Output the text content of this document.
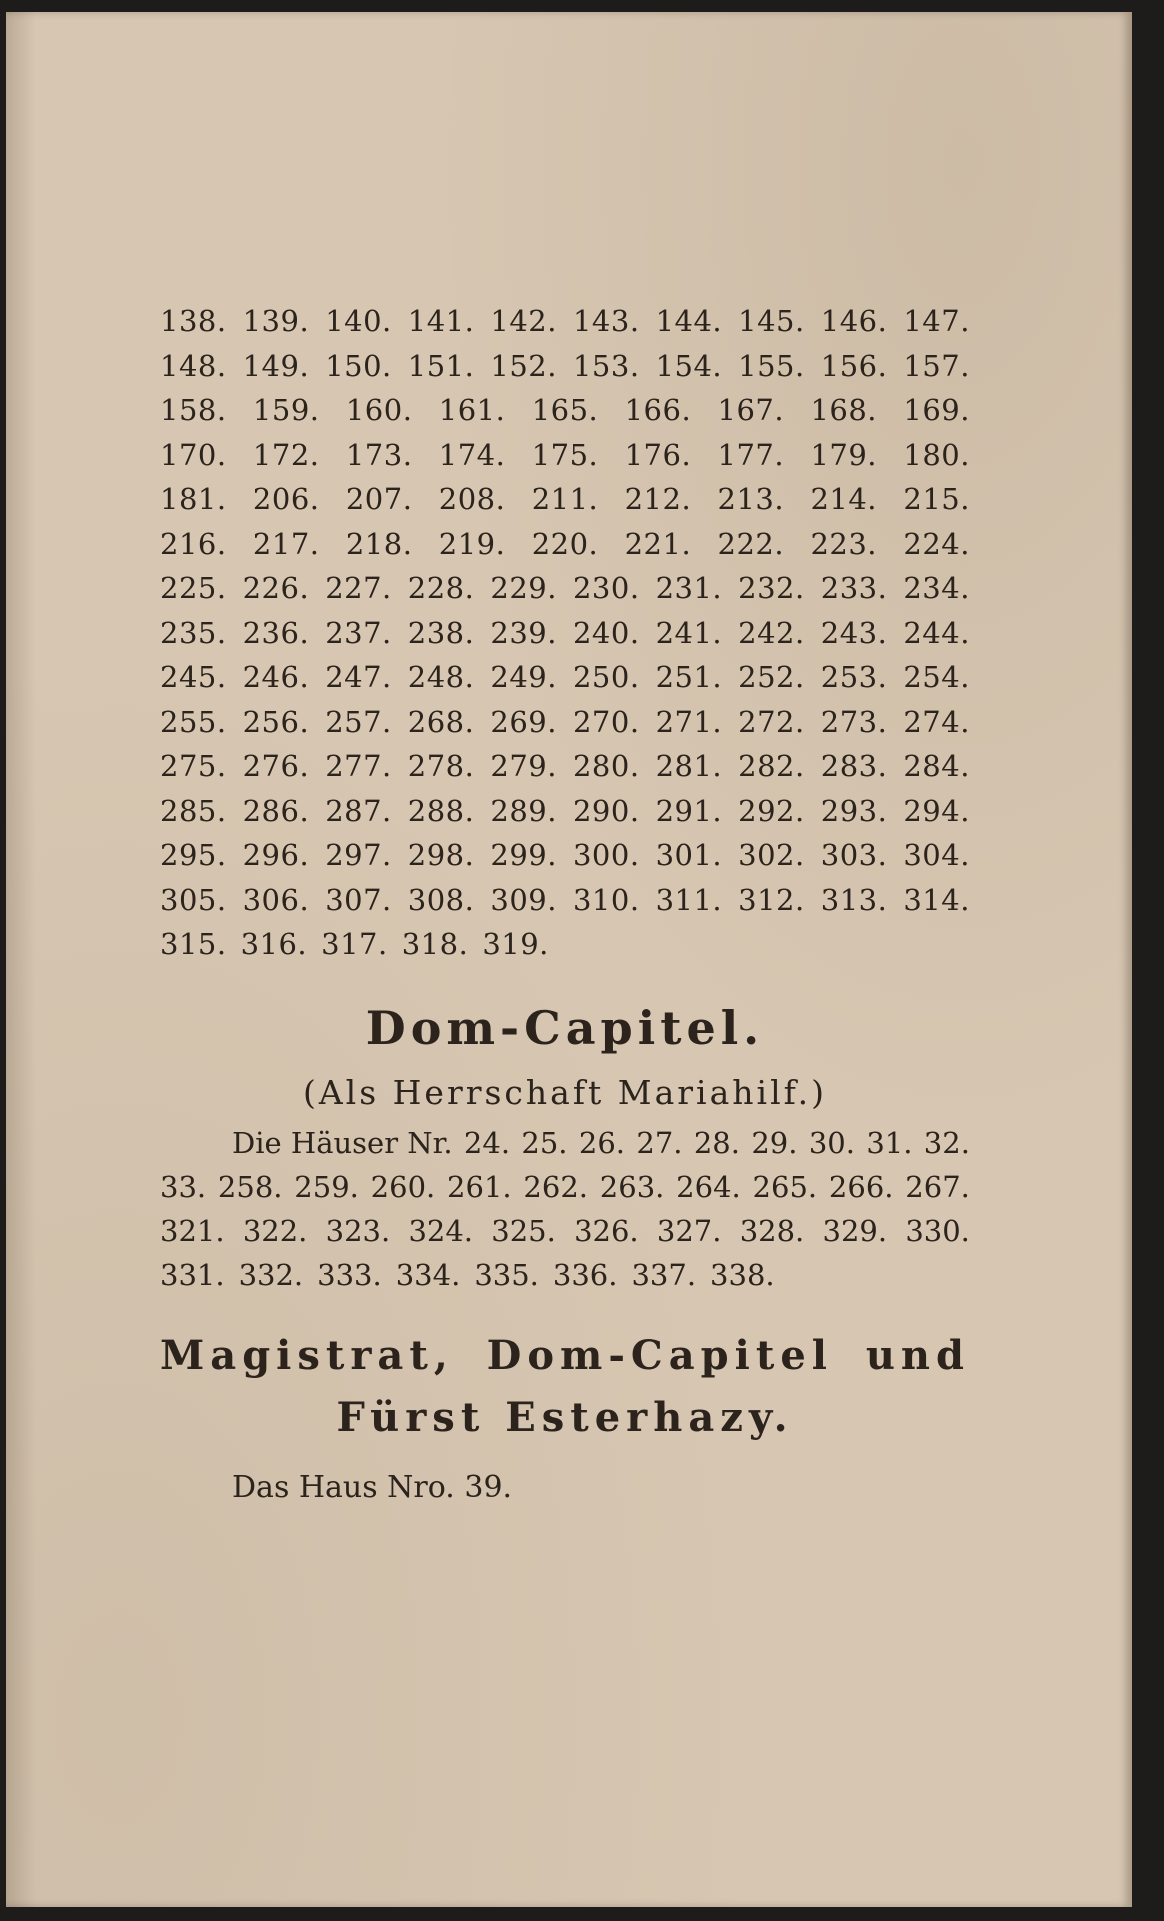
138. 139. 140. 141. 142. 143. 144. 145. 146. 147.
148. 149. 150. 151. 152. 153. 154. 155. 156. 157.
158. 159. 160. 161. 165. 166. 167. 168. 169.
170. 172. 173. 174. 175. 176. 177. 179. 180.
181. 206. 207. 208. 211. 212. 213. 214. 215.
216. 217. 218. 219. 220. 221. 222. 223. 224.
225. 226. 227. 228. 229. 230. 231. 232. 233. 234.
235. 236. 237. 238. 239. 240. 241. 242. 243. 244.
245. 246. 247. 248. 249. 250. 251. 252. 253. 254.
255. 256. 257. 268. 269. 270. 271. 272. 273. 274.
275. 276. 277. 278. 279. 280. 281. 282. 283. 284.
285. 286. 287. 288. 289. 290. 291. 292. 293. 294.
295. 296. 297. 298. 299. 300. 301. 302. 303. 304.
305. 306. 307. 308. 309. 310. 311. 312. 313. 314.
315. 316. 317. 318. 319.
Dom-Capitel.
(Als Herrschaft Mariahilf.)
Die Häuser Nr. 24. 25. 26. 27. 28. 29. 30. 31. 32.
33. 258. 259. 260. 261. 262. 263. 264. 265. 266. 267.
321. 322. 323. 324. 325. 326. 327. 328. 329. 330.
331. 332. 333. 334. 335. 336. 337. 338.
Magistrat, Dom-Capitel und
Fürst Esterhazy.
Das Haus Nro. 39.
